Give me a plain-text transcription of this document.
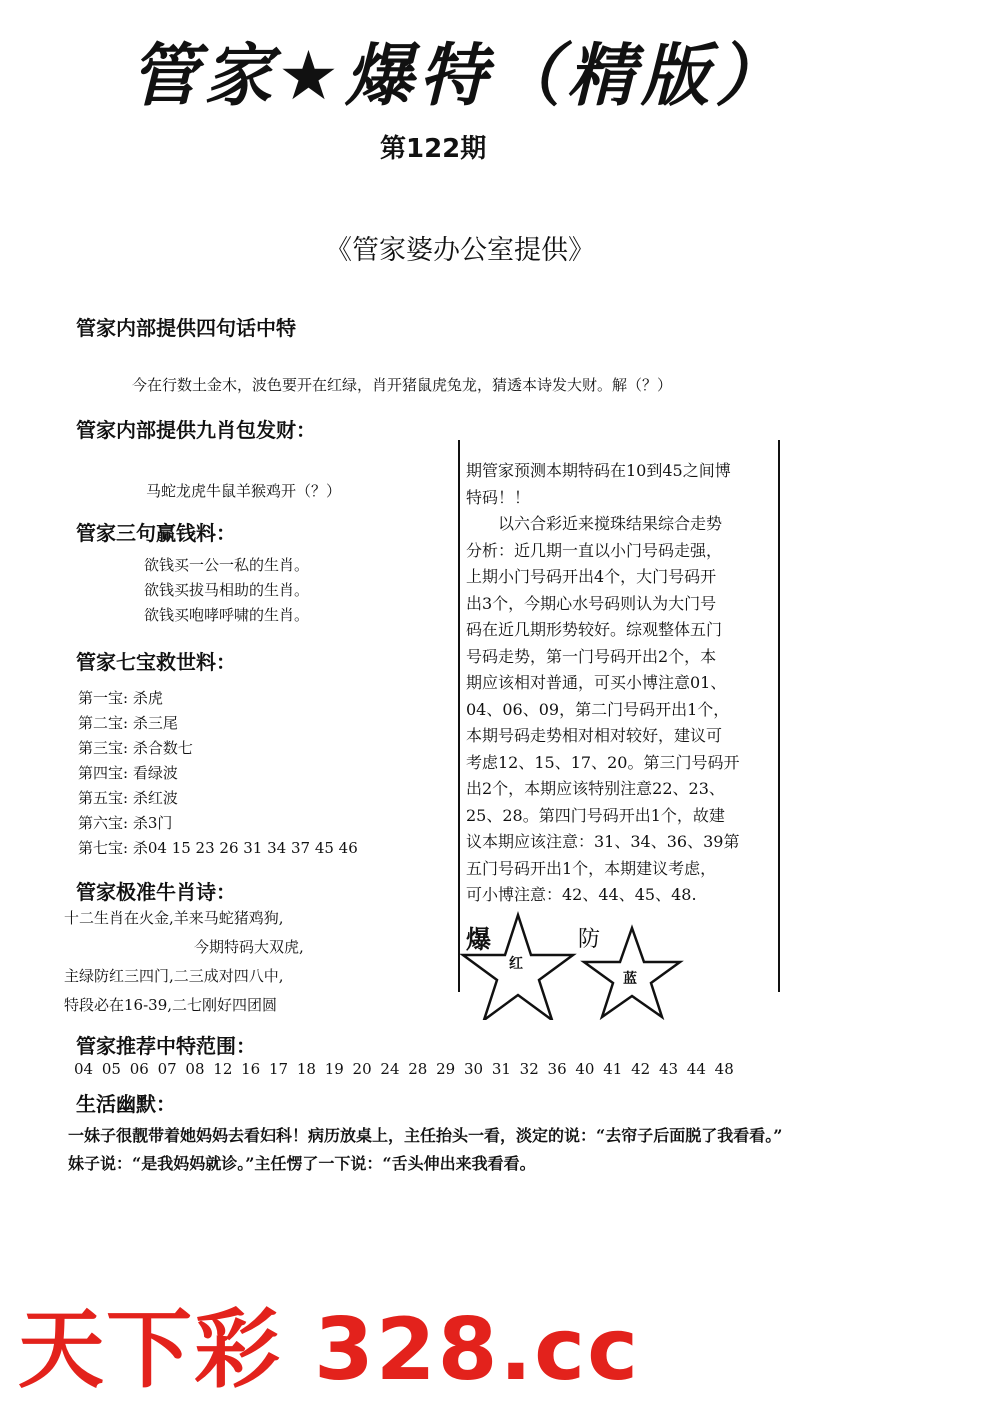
管家★爆特（精版）
第122期
《管家婆办公室提供》
管家内部提供四句话中特
今在行数土金木，波色要开在红绿，肖开猪鼠虎兔龙，猜透本诗发大财。解（？）
管家内部提供九肖包发财：
马蛇龙虎牛鼠羊猴鸡开（？）
管家三句赢钱料：
欲钱买一公一私的生肖。
欲钱买拔马相助的生肖。
欲钱买咆哮呼啸的生肖。
管家七宝救世料：
第一宝: 杀虎
第二宝: 杀三尾
第三宝: 杀合数七
第四宝: 看绿波
第五宝: 杀红波
第六宝: 杀3门
第七宝: 杀04 15 23 26 31 34 37 45 46
管家极准牛肖诗：
十二生肖在火金,羊来马蛇猪鸡狗,
今期特码大双虎,
主绿防红三四门,二三成对四八中,
特段必在16-39,二七刚好四团圆

期管家预测本期特码在10到45之间博

特码！！

　　以六合彩近来搅珠结果综合走势

分析：近几期一直以小门号码走强，

上期小门号码开出4个，大门号码开

出3个，今期心水号码则认为大门号

码在近几期形势较好。综观整体五门

号码走势，第一门号码开出2个，本

期应该相对普通，可买小博注意01、

04、06、09，第二门号码开出1个，

本期号码走势相对相对较好，建议可

考虑12、15、17、20。第三门号码开

出2个，本期应该特别注意22、23、

25、28。第四门号码开出1个，故建

议本期应该注意：31、34、36、39第

五门号码开出1个，本期建议考虑，

可小博注意：42、44、45、48.

爆
红
防
蓝
管家推荐中特范围：
04 05 06 07 08 12 16 17 18 19 20 24 28 29 30 31 32 36 40 41 42 43 44 48
生活幽默：

一妹子很靓带着她妈妈去看妇科！病历放桌上，主任抬头一看，淡定的说：“去帘子后面脱了我看看。”

妹子说：“是我妈妈就诊。”主任愣了一下说：“舌头伸出来我看看。

天下彩 328.cc
